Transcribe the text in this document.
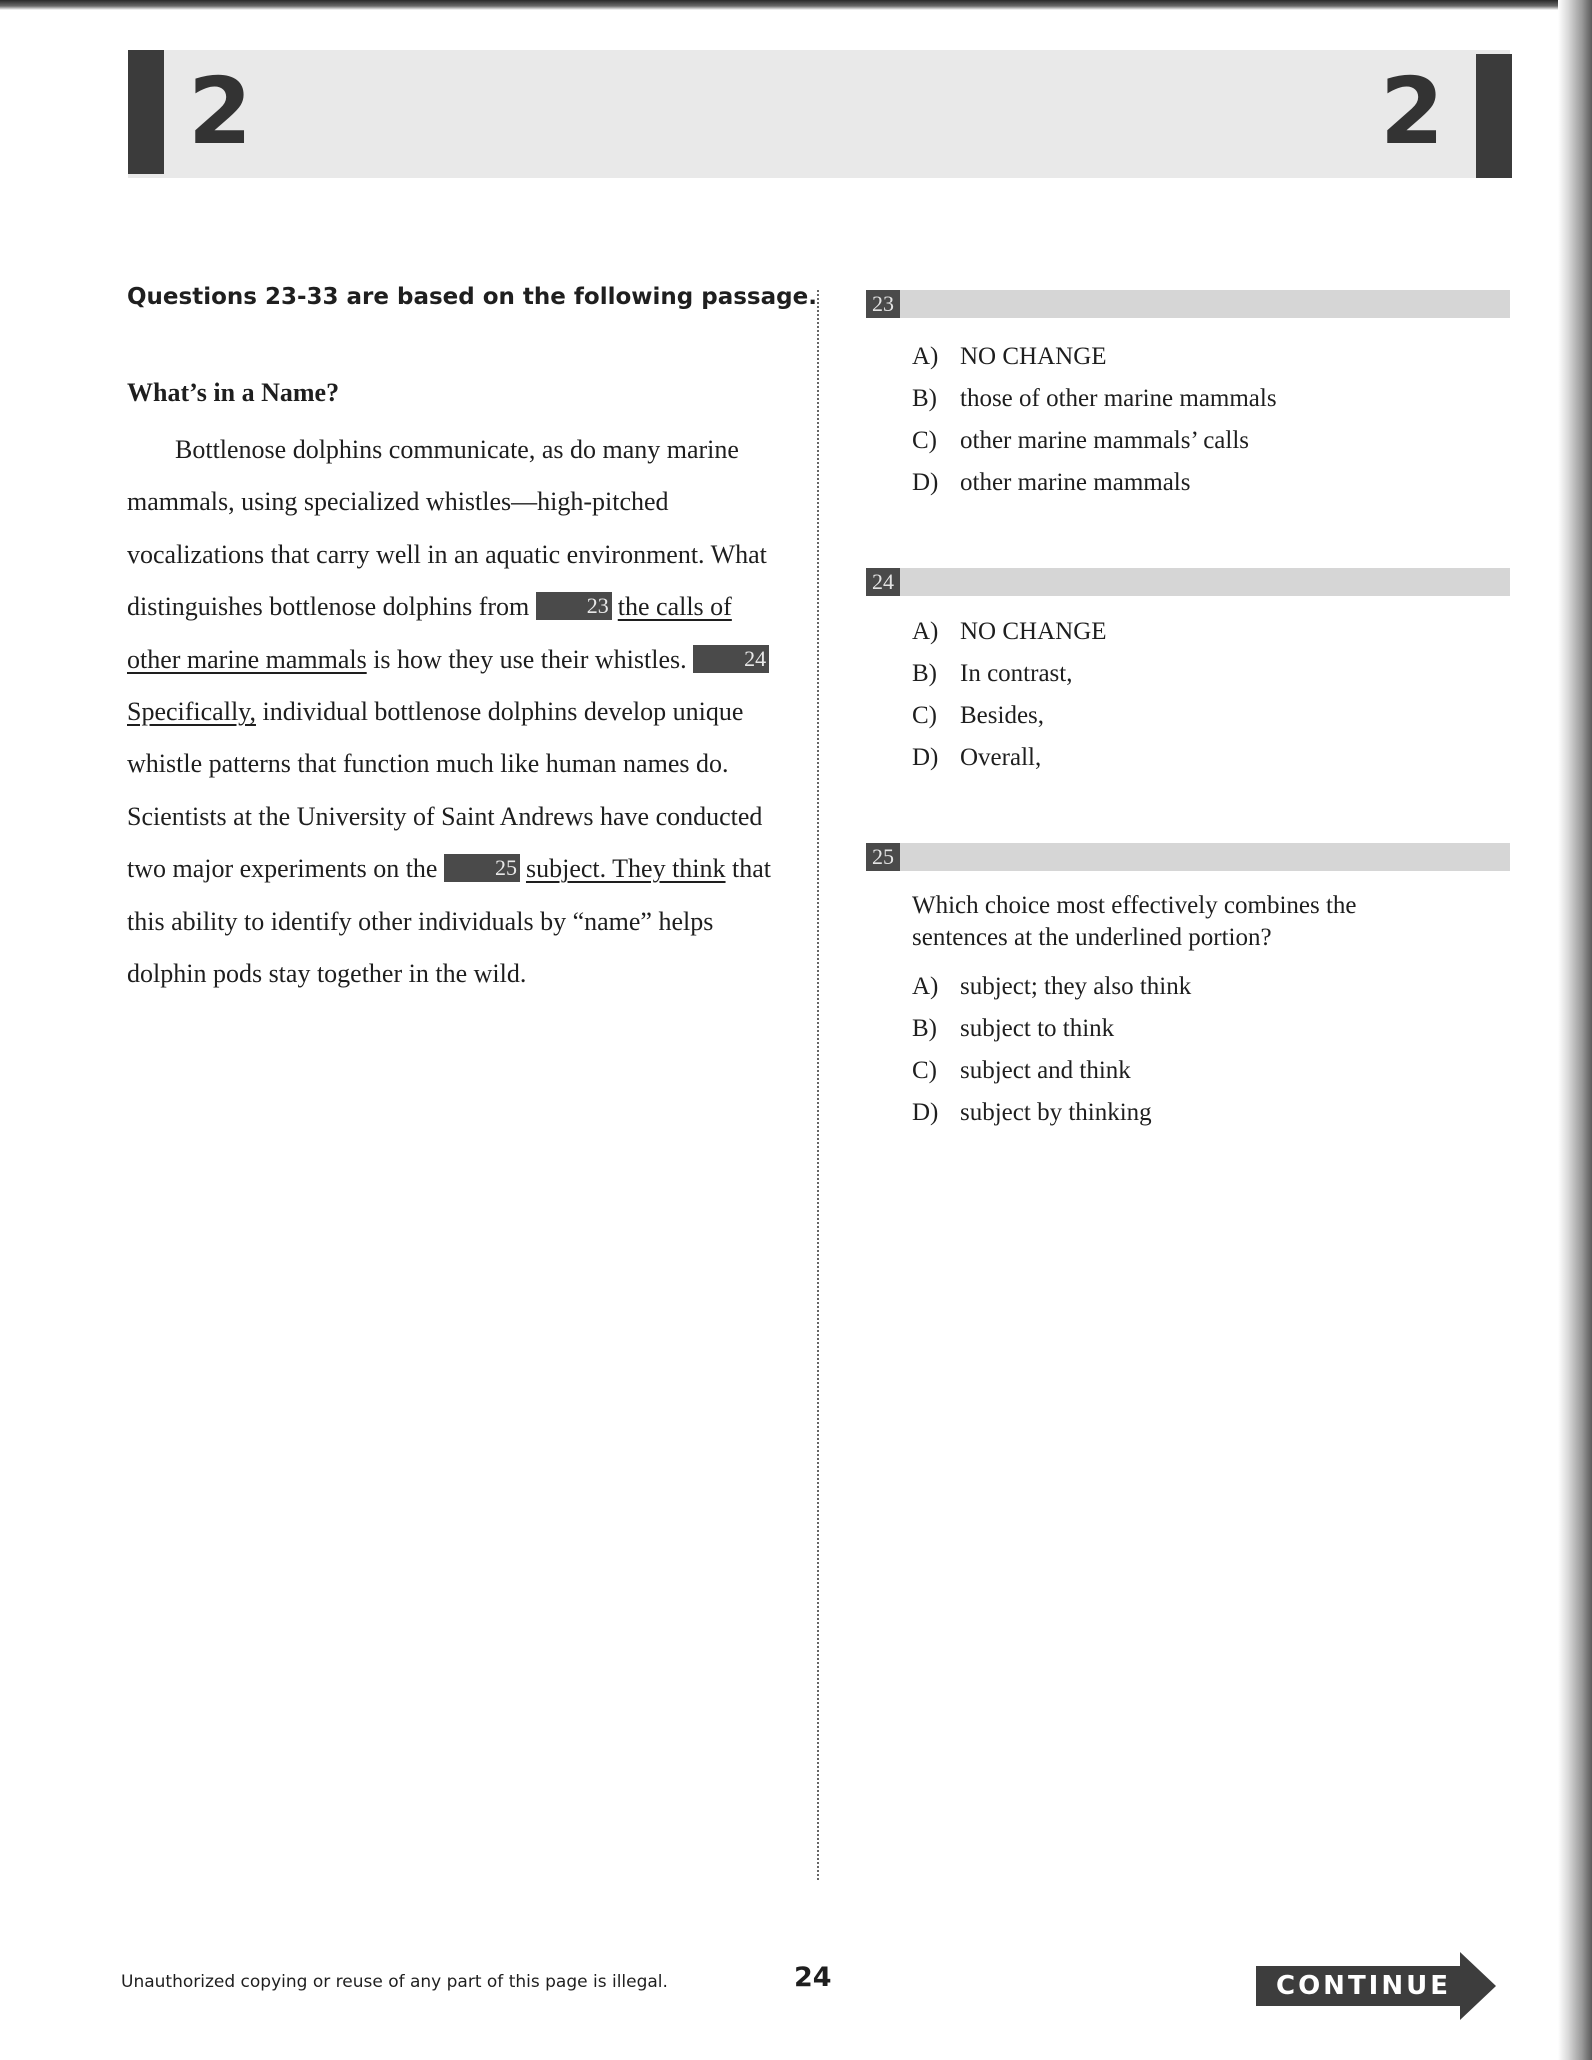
2	2
Questions 23-33 are based on the following passage.
What’s in a Name?

Bottlenose dolphins communicate, as do many marine mammals, using specialized whistles—high-pitched vocalizations that carry well in an aquatic environment. What distinguishes bottlenose dolphins from	23 the calls of other marine mammals is how they use their whistles.	24Specifically, individual bottlenose dolphins develop unique whistle patterns that function much like human names do. Scientists at the University of Saint Andrews have conducted two major experiments on the	25 subject. They think that this ability to identify other individuals by “name” helps dolphin pods stay together in the wild.

23
A) NO CHANGE
B) those of other marine mammals
C) other marine mammals’ calls
D) other marine mammals
24
A) NO CHANGE
B) In contrast,
C) Besides,
D) Overall,
25
Which choice most effectively combines the sentences at the underlined portion?
A) subject; they also think
B) subject to think
C) subject and think
D) subject by thinking
Unauthorized copying or reuse of any part of this page is illegal.	24	CONTINUE
